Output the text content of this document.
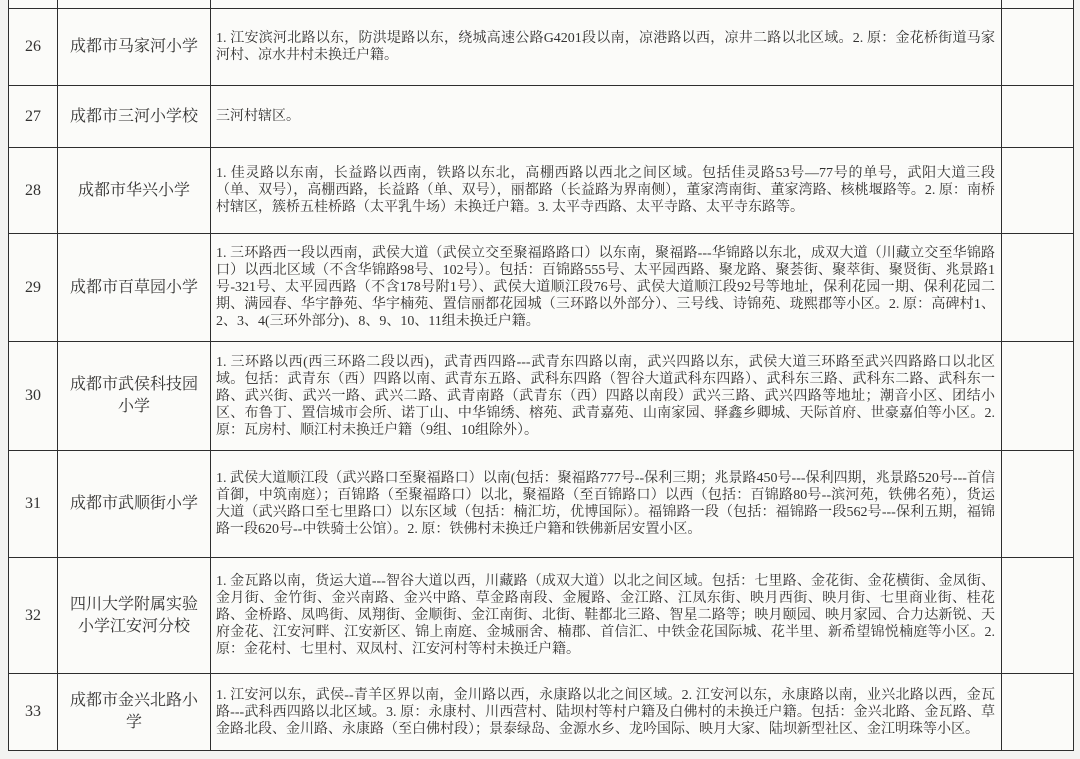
26	成都市马家河小学	1. 江安滨河北路以东，防洪堤路以东，绕城高速公路G4201段以南，凉港路以西，凉井二路以北区域。2. 原：金花桥街道马家河村、凉水井村未换迁户籍。	
27	成都市三河小学校	三河村辖区。	
28	成都市华兴小学	1. 佳灵路以东南，长益路以西南，铁路以东北，高棚西路以西北之间区域。包括佳灵路53号—77号的单号，武阳大道三段（单、双号），高棚西路，长益路（单、双号），丽都路（长益路为界南侧），董家湾南街、董家湾路、核桃堰路等。2. 原：南桥村辖区，簇桥五桂桥路（太平乳牛场）未换迁户籍。3. 太平寺西路、太平寺路、太平寺东路等。	
29	成都市百草园小学	1. 三环路西一段以西南，武侯大道（武侯立交至聚福路路口）以东南，聚福路---华锦路以东北，成双大道（川藏立交至华锦路口）以西北区域（不含华锦路98号、102号）。包括：百锦路555号、太平园西路、聚龙路、聚荟街、聚萃街、聚贤街、兆景路1号-321号、太平园西路（不含178号附1号）、武侯大道顺江段76号、武侯大道顺江段92号等地址，保利花园一期、保利花园二期、满园春、华宇静苑、华宇楠苑、置信丽都花园城（三环路以外部分）、三号线、诗锦苑、珑熙郡等小区。2. 原：高碑村1、2、3、4(三环外部分)、8、9、10、11组未换迁户籍。	
30	成都市武侯科技园小学	1. 三环路以西(西三环路二段以西)，武青西四路---武青东四路以南，武兴四路以东，武侯大道三环路至武兴四路路口以北区域。包括：武青东（西）四路以南、武青东五路、武科东四路（智谷大道武科东四路）、武科东三路、武科东二路、武科东一路、武兴街、武兴一路、武兴二路、武青南路（武青东（西）四路以南段）武兴三路、武兴四路等地址；潮音小区、团结小区、布鲁丁、置信城市会所、诺丁山、中华锦绣、榕苑、武青嘉苑、山南家园、驿鑫乡卿城、天际首府、世豪嘉伯等小区。2. 原：瓦房村、顺江村未换迁户籍（9组、10组除外）。	
31	成都市武顺街小学	1. 武侯大道顺江段（武兴路口至聚福路口）以南(包括：聚福路777号--保利三期；兆景路450号---保利四期，兆景路520号---首信首御，中筑南庭）；百锦路（至聚福路口）以北，聚福路（至百锦路口）以西（包括：百锦路80号--滨河苑，铁佛名苑），货运大道（武兴路口至七里路口）以东区域（包括：楠汇坊，优博国际）。福锦路一段（包括：福锦路一段562号---保利五期，福锦路一段620号--中铁骑士公馆）。2. 原：铁佛村未换迁户籍和铁佛新居安置小区。	
32	四川大学附属实验小学江安河分校	1. 金瓦路以南，货运大道---智谷大道以西，川藏路（成双大道）以北之间区域。包括：七里路、金花街、金花横街、金凤街、金月街、金竹街、金兴南路、金兴中路、草金路南段、金履路、金江路、江凤东街、映月西街、映月街、七里商业街、桂花路、金桥路、凤鸣街、凤翔街、金顺街、金江南街、北街、鞋都北三路、智星二路等；映月颐园、映月家园、合力达新锐、天府金花、江安河畔、江安新区、锦上南庭、金城丽舍、楠郡、首信汇、中铁金花国际城、花半里、新希望锦悦楠庭等小区。2. 原：金花村、七里村、双凤村、江安河村等村未换迁户籍。	
33	成都市金兴北路小学	1. 江安河以东，武侯--青羊区界以南，金川路以西，永康路以北之间区域。2. 江安河以东，永康路以南，业兴北路以西，金瓦路---武科西四路以北区域。3. 原：永康村、川西营村、陆坝村等村户籍及白佛村的未换迁户籍。包括：金兴北路、金瓦路、草金路北段、金川路、永康路（至白佛村段）；景泰绿岛、金源水乡、龙吟国际、映月大家、陆坝新型社区、金江明珠等小区。	
